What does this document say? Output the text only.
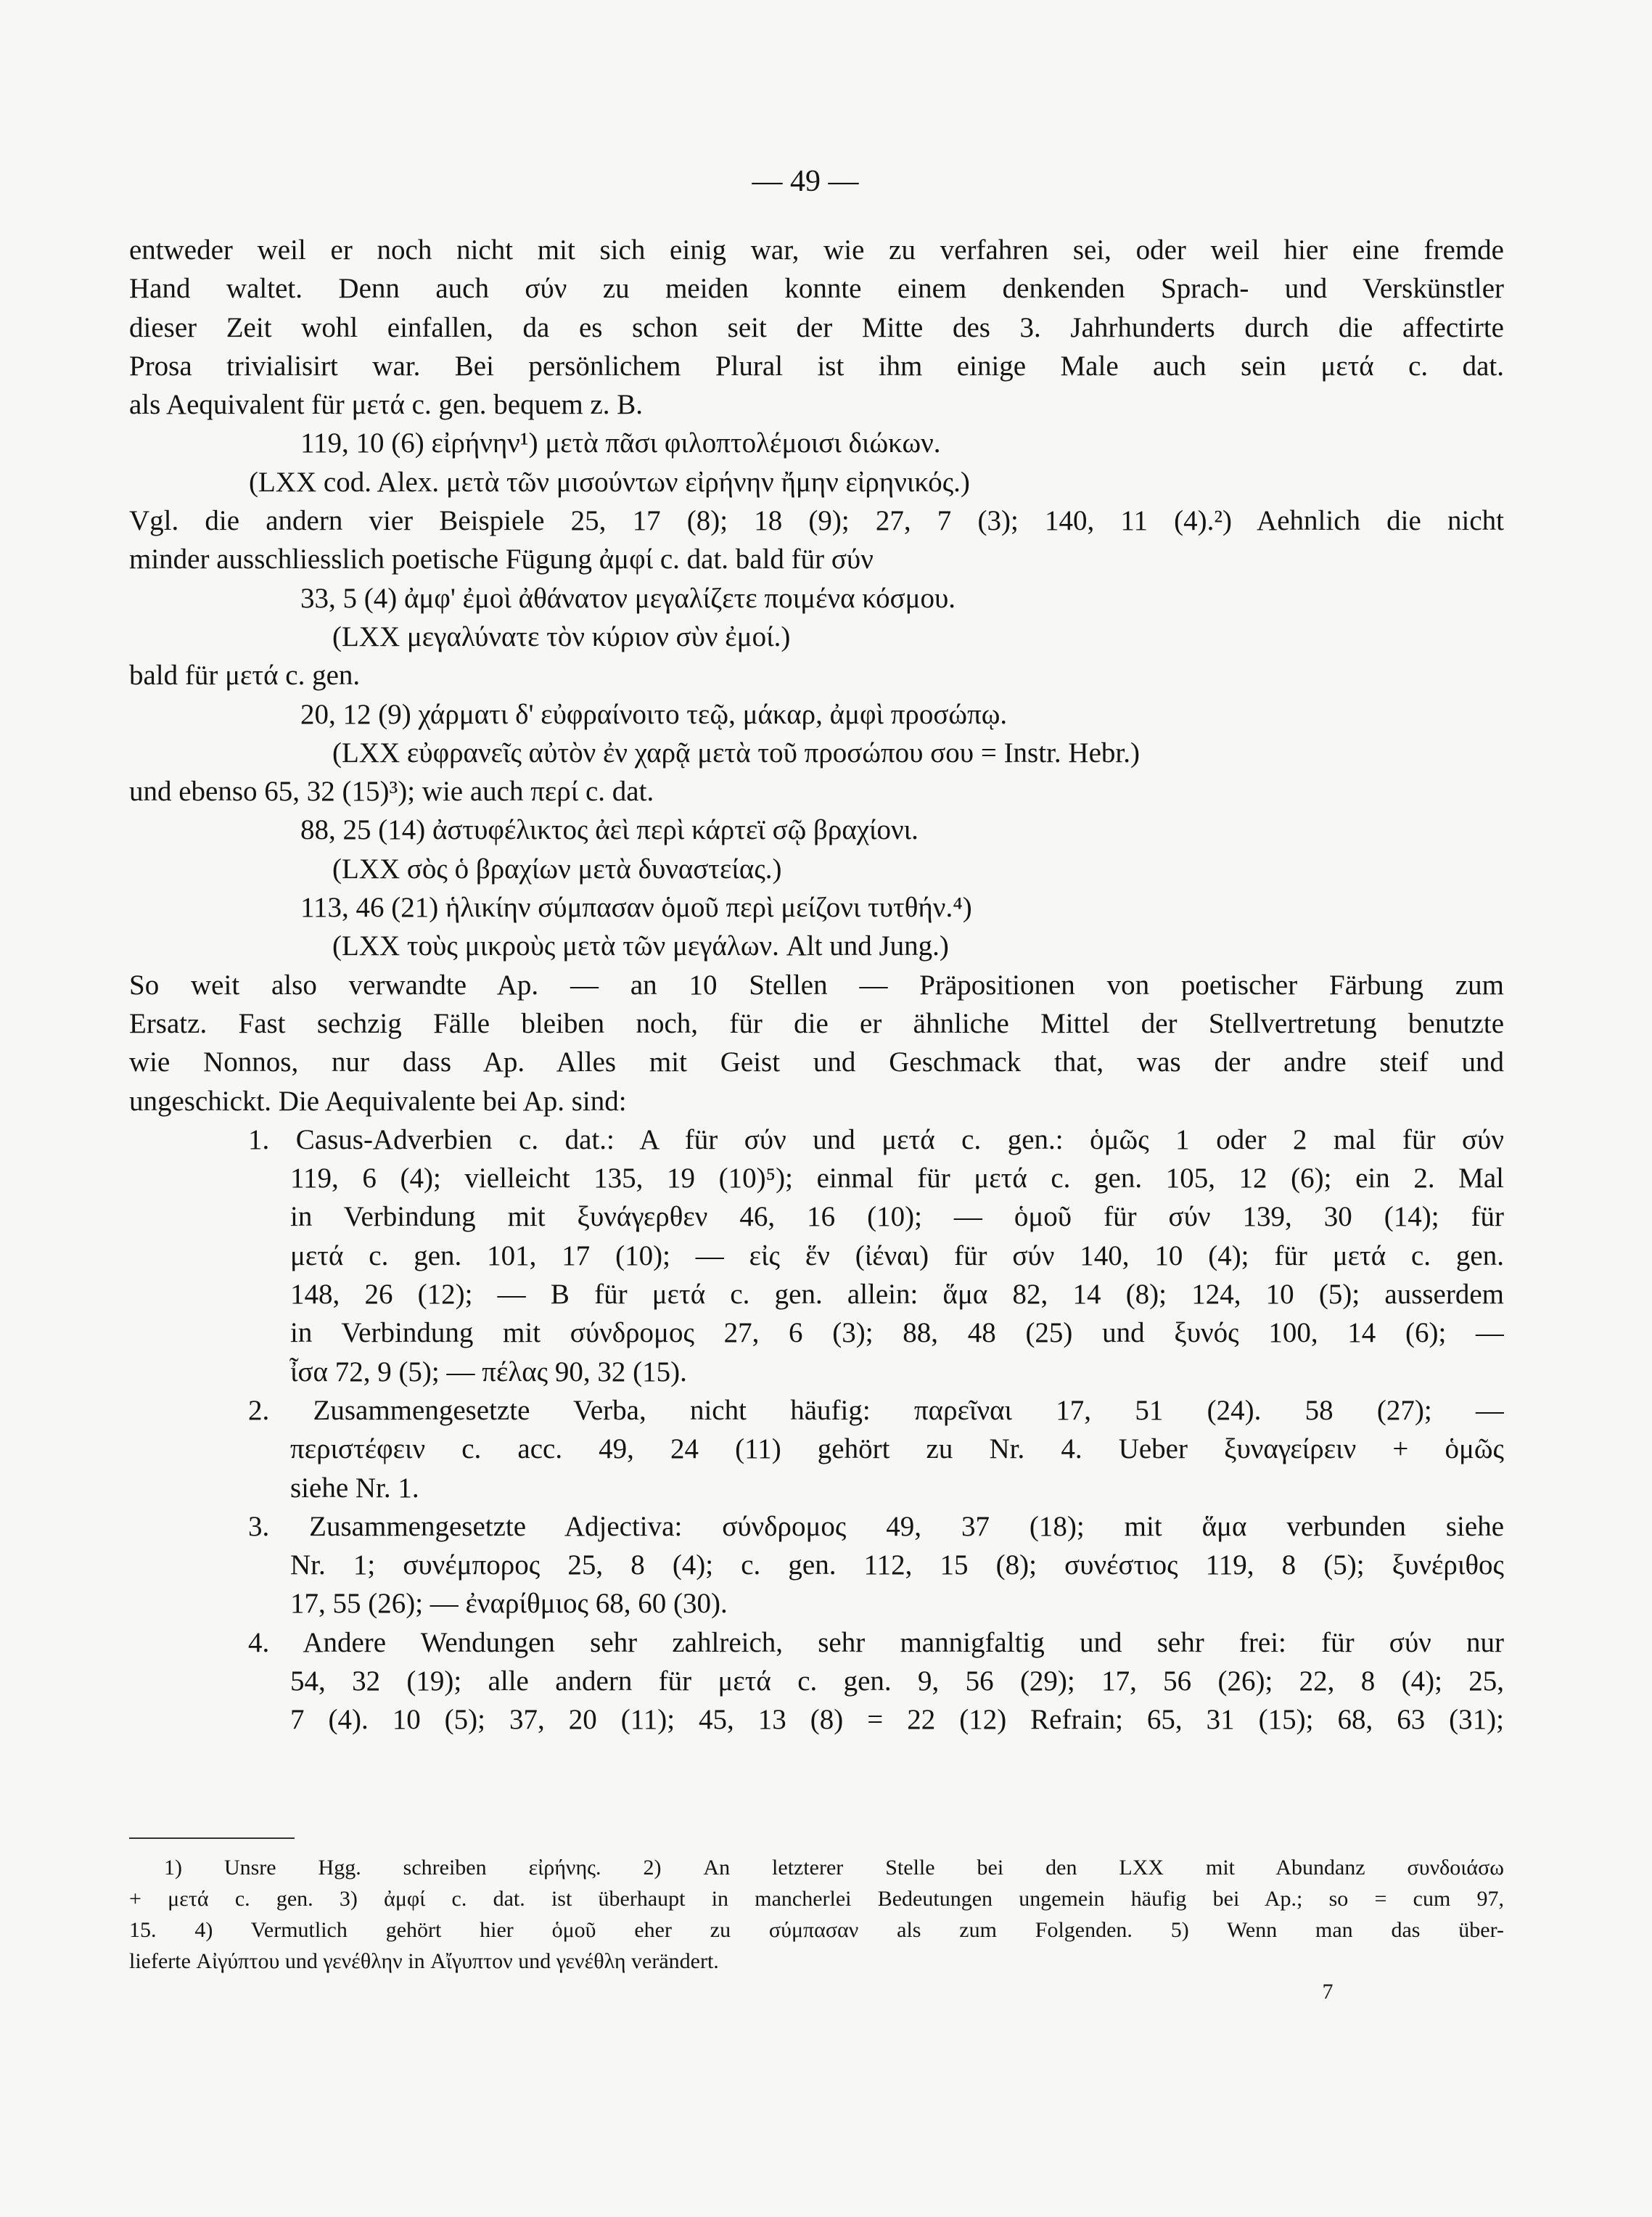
— 49 —
entweder weil er noch nicht mit sich einig war, wie zu verfahren sei, oder weil hier eine fremde
Hand waltet. Denn auch σύν zu meiden konnte einem denkenden Sprach- und Verskünstler
dieser Zeit wohl einfallen, da es schon seit der Mitte des 3. Jahrhunderts durch die affectirte
Prosa trivialisirt war. Bei persönlichem Plural ist ihm einige Male auch sein μετά c. dat.
als Aequivalent für μετά c. gen. bequem z. B.
119, 10 (6) εἰρήνην¹) μετὰ πᾶσι φιλοπτολέμοισι διώκων.
(LXX cod. Alex. μετὰ τῶν μισούντων εἰρήνην ἤμην εἰρηνικός.)
Vgl. die andern vier Beispiele 25, 17 (8); 18 (9); 27, 7 (3); 140, 11 (4).²) Aehnlich die nicht
minder ausschliesslich poetische Fügung ἀμφί c. dat. bald für σύν
33, 5 (4) ἀμφ' ἐμοὶ ἀθάνατον μεγαλίζετε ποιμένα κόσμου.
(LXX μεγαλύνατε τὸν κύριον σὺν ἐμοί.)
bald für μετά c. gen.
20, 12 (9) χάρματι δ' εὐφραίνοιτο τεῷ, μάκαρ, ἀμφὶ προσώπῳ.
(LXX εὐφρανεῖς αὐτὸν ἐν χαρᾷ μετὰ τοῦ προσώπου σου = Instr. Hebr.)
und ebenso 65, 32 (15)³); wie auch περί c. dat.
88, 25 (14) ἀστυφέλικτος ἀεὶ περὶ κάρτεϊ σῷ βραχίονι.
(LXX σὸς ὁ βραχίων μετὰ δυναστείας.)
113, 46 (21) ἡλικίην σύμπασαν ὁμοῦ περὶ μείζονι τυτθήν.⁴)
(LXX τοὺς μικροὺς μετὰ τῶν μεγάλων. Alt und Jung.)
So weit also verwandte Ap. — an 10 Stellen — Präpositionen von poetischer Färbung zum
Ersatz. Fast sechzig Fälle bleiben noch, für die er ähnliche Mittel der Stellvertretung benutzte
wie Nonnos, nur dass Ap. Alles mit Geist und Geschmack that, was der andre steif und
ungeschickt. Die Aequivalente bei Ap. sind:
1. Casus-Adverbien c. dat.: A für σύν und μετά c. gen.: ὁμῶς 1 oder 2 mal für σύν
119, 6 (4); vielleicht 135, 19 (10)⁵); einmal für μετά c. gen. 105, 12 (6); ein 2. Mal
in Verbindung mit ξυνάγερθεν 46, 16 (10); — ὁμοῦ für σύν 139, 30 (14); für
μετά c. gen. 101, 17 (10); — εἰς ἕν (ἰέναι) für σύν 140, 10 (4); für μετά c. gen.
148, 26 (12); — B für μετά c. gen. allein: ἅμα 82, 14 (8); 124, 10 (5); ausserdem
in Verbindung mit σύνδρομος 27, 6 (3); 88, 48 (25) und ξυνός 100, 14 (6); —
ἶσα 72, 9 (5); — πέλας 90, 32 (15).
2. Zusammengesetzte Verba, nicht häufig: παρεῖναι 17, 51 (24). 58 (27); —
περιστέφειν c. acc. 49, 24 (11) gehört zu Nr. 4. Ueber ξυναγείρειν + ὁμῶς
siehe Nr. 1.
3. Zusammengesetzte Adjectiva: σύνδρομος 49, 37 (18); mit ἅμα verbunden siehe
Nr. 1; συνέμπορος 25, 8 (4); c. gen. 112, 15 (8); συνέστιος 119, 8 (5); ξυνέριθος
17, 55 (26); — ἐναρίθμιος 68, 60 (30).
4. Andere Wendungen sehr zahlreich, sehr mannigfaltig und sehr frei: für σύν nur
54, 32 (19); alle andern für μετά c. gen. 9, 56 (29); 17, 56 (26); 22, 8 (4); 25,
7 (4). 10 (5); 37, 20 (11); 45, 13 (8) = 22 (12) Refrain; 65, 31 (15); 68, 63 (31);
1) Unsre Hgg. schreiben εἰρήνης. 2) An letzterer Stelle bei den LXX mit Abundanz συνδοιάσω
+ μετά c. gen. 3) ἀμφί c. dat. ist überhaupt in mancherlei Bedeutungen ungemein häufig bei Ap.; so = cum 97,
15. 4) Vermutlich gehört hier ὁμοῦ eher zu σύμπασαν als zum Folgenden. 5) Wenn man das über-
lieferte Αἰγύπτου und γενέθλην in Αἴγυπτον und γενέθλη verändert.
7
